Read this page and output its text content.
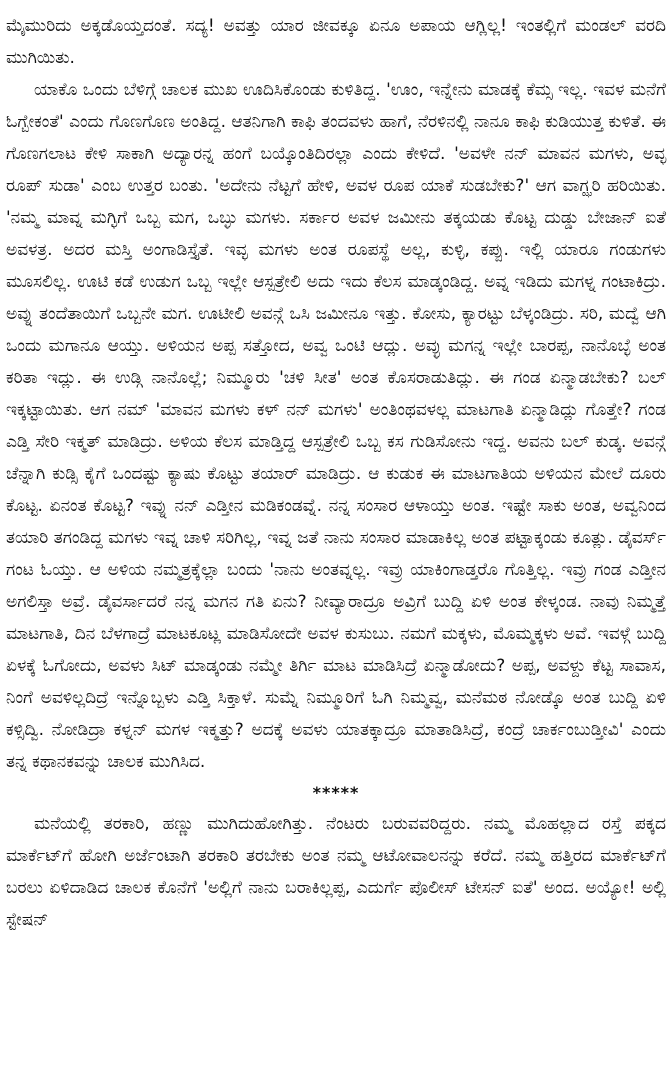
ಮೈಮುರಿದು ಅಕ್ಕಡೊಯ್ತದಂತೆ. ಸದ್ಯ! ಅವತ್ತು ಯಾರ ಜೀವಕ್ಕೂ ಏನೂ ಅಪಾಯ ಆಗ್ಲಿಲ್ಲ! ಇಂತಲ್ಲಿಗೆ ಮಂಡಲ್ ವರದಿ ಮುಗಿಯಿತು.

ಯಾಕೊ ಒಂದು ಬೆಳಿಗ್ಗೆ ಚಾಲಕ ಮುಖ ಊದಿಸಿಕೊಂಡು ಕುಳಿತಿದ್ದ. 'ಊಂ, ಇನ್ನೇನು ಮಾಡಕ್ಕೆ ಕೆಮ್ಸ ಇಲ್ಲ. ಇವಳ ಮನೆಗೆ ಓಗ್ಬೇಕಂತೆ' ಎಂದು ಗೊಣಗೊಣ ಅಂತಿದ್ದ. ಆತನಿಗಾಗಿ ಕಾಫಿ ತಂದವಳು ಹಾಗೆ, ನೆರಳಿನಲ್ಲಿ ನಾನೂ ಕಾಫಿ ಕುಡಿಯುತ್ತ ಕುಳಿತೆ. ಈ ಗೊಣಗಲಾಟ ಕೇಳಿ ಸಾಕಾಗಿ ಅದ್ಯಾರನ್ನ ಹಂಗೆ ಬಯ್ಕೊಂತಿದಿರಲ್ಲಾ ಎಂದು ಕೇಳಿದೆ. 'ಅವಳೇ ನನ್ ಮಾವನ ಮಗಳು, ಅವ್ಳ ರೂಪ್ ಸುಡಾ' ಎಂಬ ಉತ್ತರ ಬಂತು. 'ಅದೇನು ನೆಟ್ಟಗೆ ಹೇಳಿ, ಅವಳ ರೂಪ ಯಾಕೆ ಸುಡಬೇಕು?' ಆಗ ವಾಗ್ಝರಿ ಹರಿಯಿತು. 'ನಮ್ಮ ಮಾವ್ನ ಮಗ್ಳಿಗೆ ಒಬ್ಬ ಮಗ, ಒಬ್ಳು ಮಗಳು. ಸರ್ಕಾರ ಅವಳ ಜಮೀನು ತಕ್ಕಯಡು ಕೊಟ್ಟ ದುಡ್ಡು ಬೇಜಾನ್ ಐತೆ ಅವಳತ್ರ. ಅದರ ಮಸ್ತಿ ಅಂಗಾಡಿಸ್ತೈತೆ. ಇವ್ಳ ಮಗಳು ಅಂತ ರೂಪಸ್ಥೆ ಅಲ್ಲ, ಕುಳ್ಳಿ, ಕಪ್ಪು. ಇಲ್ಲಿ ಯಾರೂ ಗಂಡುಗಳು ಮೂಸಲಿಲ್ಲ. ಊಟಿ ಕಡೆ ಉಡುಗ ಒಬ್ಬ ಇಲ್ಲೇ ಆಸ್ಪತ್ರೇಲಿ ಅದು ಇದು ಕೆಲಸ ಮಾಡ್ಕಂಡಿದ್ದ. ಅವ್ನ ಇಡಿದು ಮಗಳ್ನ ಗಂಟಾಕಿದ್ರು. ಅವ್ನು ತಂದೆತಾಯಿಗೆ ಒಬ್ಬನೇ ಮಗ. ಊಟೀಲಿ ಅವನ್ಗೆ ಒಸಿ ಜಮೀನೂ ಇತ್ತು. ಕೋಸು, ಕ್ಯಾರಟ್ಟು ಬೆಳ್ಕಂಡಿದ್ರು. ಸರಿ, ಮದ್ವೆ ಆಗಿ ಒಂದು ಮಗಾನೂ ಆಯ್ತು. ಅಳಿಯನ ಅಪ್ಪ ಸತ್ತೋದ, ಅವ್ವ ಒಂಟಿ ಆದ್ಲು. ಅವ್ಳು ಮಗನ್ನ ಇಲ್ಲೇ ಬಾರಪ್ಪ, ನಾನೊಬ್ಳೆ ಅಂತ ಕರಿತಾ ಇದ್ಲು. ಈ ಉಡ್ಗಿ ನಾನೊಲ್ಲೆ; ನಿಮ್ಮೂರು 'ಚಳಿ ಸೀತ' ಅಂತ ಕೊಸರಾಡುತಿದ್ಲು. ಈ ಗಂಡ ಏನ್ಮಾಡಬೇಕು? ಬಲ್ ಇಕ್ಕಟ್ಟಾಯಿತು. ಆಗ ನಮ್ 'ಮಾವನ ಮಗಳು ಕಳ್ ನನ್ ಮಗಳು' ಅಂತಿಂಥವಳಲ್ಲ ಮಾಟಗಾತಿ ಏನ್ಮಾಡಿದ್ಲು ಗೊತ್ತೇ? ಗಂಡ ಎಡ್ತಿ ಸೇರಿ ಇಕ್ಮತ್ ಮಾಡಿದ್ರು. ಅಳಿಯ ಕೆಲಸ ಮಾಡ್ತಿದ್ದ ಆಸ್ಪತ್ರೇಲಿ ಒಬ್ಬ ಕಸ ಗುಡಿಸೋನು ಇದ್ದ. ಅವನು ಬಲ್ ಕುಡ್ಕ. ಅವನ್ಗೆ ಚೆನ್ನಾಗಿ ಕುಡ್ಸಿ ಕೈಗೆ ಒಂದಷ್ಟು ಕ್ಯಾಷು ಕೊಟ್ಟು ತಯಾರ್ ಮಾಡಿದ್ರು. ಆ ಕುಡುಕ ಈ ಮಾಟಗಾತಿಯ ಅಳಿಯನ ಮೇಲೆ ದೂರು ಕೊಟ್ಟ. ಏನಂತ ಕೊಟ್ಟ? ಇವ್ನು ನನ್ ಎಡ್ತೀನ ಮಡಿಕಂಡವ್ನೆ. ನನ್ನ ಸಂಸಾರ ಆಳಾಯ್ತು ಅಂತ. ಇಷ್ಟೇ ಸಾಕು ಅಂತ, ಅವ್ವನಿಂದ ತಯಾರಿ ತಗಂಡಿದ್ದ ಮಗಳು ಇವ್ನ ಚಾಳಿ ಸರಿಗಿಲ್ಲ, ಇವ್ನ ಜತೆ ನಾನು ಸಂಸಾರ ಮಾಡಾಕಿಲ್ಲ ಅಂತ ಪಟ್ಟಾಕ್ಕಂಡು ಕೂತ್ಲು. ಡೈವರ್ಸ್ ಗಂಟ ಓಯ್ತು. ಆ ಅಳಿಯ ನಮ್ಮತ್ರಕ್ಕೆಲ್ಲಾ ಬಂದು 'ನಾನು ಅಂತವ್ನಲ್ಲ. ಇವ್ರು ಯಾಕಿಂಗಾಡ್ತರೊ ಗೊತ್ತಿಲ್ಲ. ಇವ್ರು ಗಂಡ ಎಡ್ತೀನ ಅಗಲಿಸ್ತಾ ಅವ್ರೆ. ಡೈವರ್ಸಾದರೆ ನನ್ನ ಮಗನ ಗತಿ ಏನು? ನೀವ್ಯಾರಾದ್ರೂ ಅವ್ರಿಗೆ ಬುದ್ದಿ ಏಳಿ ಅಂತ ಕೇಳ್ಕಂಡ. ನಾವು ನಿಮ್ಮತ್ತೆ ಮಾಟಗಾತಿ, ದಿನ ಬೆಳಗಾದ್ರೆ ಮಾಟಕೂಟ್ಲ ಮಾಡಿಸೋದೇ ಅವಳ ಕುಸುಬು. ನಮಗೆ ಮಕ್ಕಳು, ಮೊಮ್ಮಕ್ಕಳು ಅವೆ. ಇವಳ್ಗೆ ಬುದ್ದಿ ಏಳಕ್ಕೆ ಓಗೋದು, ಅವಳು ಸಿಟ್ ಮಾಡ್ಕಂಡು ನಮ್ಮೇ ತಿರ್ಗಿ ಮಾಟ ಮಾಡಿಸಿದ್ರೆ ಏನ್ಮಾಡೋದು? ಅಪ್ಪ, ಅವಳ್ದು ಕೆಟ್ಟ ಸಾವಾಸ, ನಿಂಗೆ ಅವಳಿಲ್ಲದಿದ್ರೆ ಇನ್ನೊಬ್ಬಳು ಎಡ್ತಿ ಸಿಕ್ತಾಳೆ. ಸುಮ್ನೆ ನಿಮ್ಮೂರಿಗೆ ಓಗಿ ನಿಮ್ಮವ್ವ, ಮನೆಮಠ ನೋಡ್ಕೊ ಅಂತ ಬುದ್ದಿ ಏಳಿ ಕಳ್ಸಿದ್ವಿ. ನೋಡಿದ್ರಾ ಕಳ್ನನ್ ಮಗಳ ಇಕ್ಮತ್ತು? ಅದಕ್ಕೆ ಅವಳು ಯಾತಕ್ಕಾದ್ರೂ ಮಾತಾಡಿಸಿದ್ರೆ, ಕಂದ್ರೆ ಚಾರ್ಕಂಬುಡ್ತೀವಿ' ಎಂದು ತನ್ನ ಕಥಾನಕವನ್ನು ಚಾಲಕ ಮುಗಿಸಿದ.

*****

ಮನೆಯಲ್ಲಿ ತರಕಾರಿ, ಹಣ್ಣು ಮುಗಿದುಹೋಗಿತ್ತು. ನೆಂಟರು ಬರುವವರಿದ್ದರು. ನಮ್ಮ ಮೊಹಲ್ಲಾದ ರಸ್ತೆ ಪಕ್ಕದ ಮಾರ್ಕೆಟ್‌ಗೆ ಹೋಗಿ ಅರ್ಜೆಂಟಾಗಿ ತರಕಾರಿ ತರಬೇಕು ಅಂತ ನಮ್ಮ ಆಟೋವಾಲನನ್ನು ಕರೆದೆ. ನಮ್ಮ ಹತ್ತಿರದ ಮಾರ್ಕೆಟ್‌ಗೆ ಬರಲು ಏಳಿದಾಡಿದ ಚಾಲಕ ಕೊನೆಗೆ 'ಅಲ್ಲಿಗೆ ನಾನು ಬರಾಕಿಲ್ಲಪ್ಪ, ಎದುರ್ಗೆ ಪೊಲೀಸ್ ಟೇಸನ್ ಐತೆ' ಅಂದ. ಅಯ್ಯೋ! ಅಲ್ಲಿ ಸ್ಟೇಷನ್
